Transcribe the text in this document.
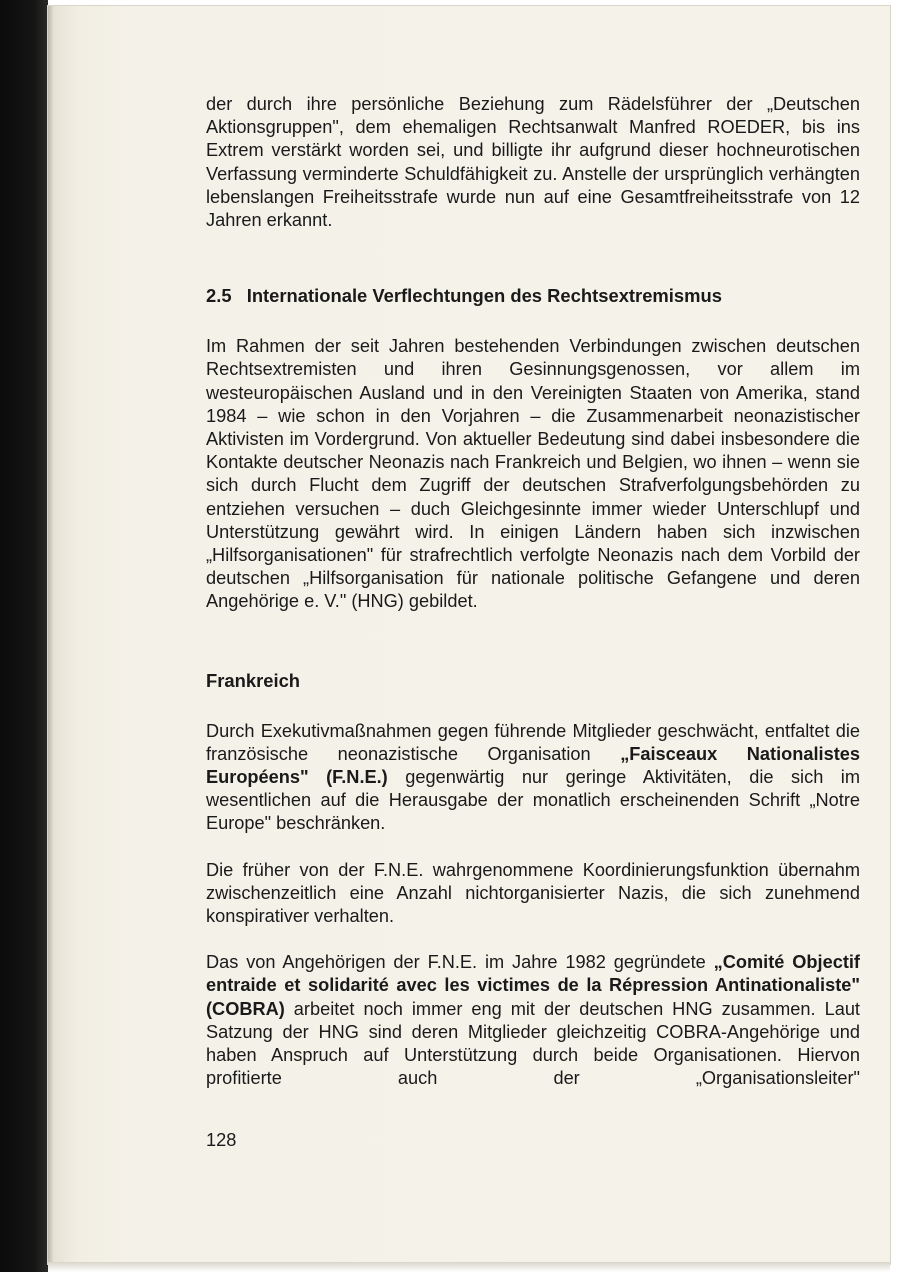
der durch ihre persönliche Beziehung zum Rädelsführer der „Deutschen Aktionsgruppen", dem ehemaligen Rechtsanwalt Manfred ROEDER, bis ins Extrem verstärkt worden sei, und billigte ihr aufgrund dieser hochneurotischen Verfassung verminderte Schuldfähigkeit zu. Anstelle der ursprünglich verhängten lebenslangen Freiheitsstrafe wurde nun auf eine Gesamtfreiheitsstrafe von 12 Jahren erkannt.

2.5 Internationale Verflechtungen des Rechtsextremismus

Im Rahmen der seit Jahren bestehenden Verbindungen zwischen deutschen Rechtsextremisten und ihren Gesinnungsgenossen, vor allem im westeuropäischen Ausland und in den Vereinigten Staaten von Amerika, stand 1984 – wie schon in den Vorjahren – die Zusammenarbeit neonazistischer Aktivisten im Vordergrund. Von aktueller Bedeutung sind dabei insbesondere die Kontakte deutscher Neonazis nach Frankreich und Belgien, wo ihnen – wenn sie sich durch Flucht dem Zugriff der deutschen Strafverfolgungsbehörden zu entziehen versuchen – duch Gleichgesinnte immer wieder Unterschlupf und Unterstützung gewährt wird. In einigen Ländern haben sich inzwischen „Hilfsorganisationen" für strafrechtlich verfolgte Neonazis nach dem Vorbild der deutschen „Hilfsorganisation für nationale politische Gefangene und deren Angehörige e. V." (HNG) gebildet.

Frankreich

Durch Exekutivmaßnahmen gegen führende Mitglieder geschwächt, entfaltet die französische neonazistische Organisation „Faisceaux Nationalistes Européens" (F.N.E.) gegenwärtig nur geringe Aktivitäten, die sich im wesentlichen auf die Herausgabe der monatlich erscheinenden Schrift „Notre Europe" beschränken.

Die früher von der F.N.E. wahrgenommene Koordinierungsfunktion übernahm zwischenzeitlich eine Anzahl nichtorganisierter Nazis, die sich zunehmend konspirativer verhalten.

Das von Angehörigen der F.N.E. im Jahre 1982 gegründete „Comité Objectif entraide et solidarité avec les victimes de la Répression Antinationaliste" (COBRA) arbeitet noch immer eng mit der deutschen HNG zusammen. Laut Satzung der HNG sind deren Mitglieder gleichzeitig COBRA-Angehörige und haben Anspruch auf Unterstützung durch beide Organisationen. Hiervon profitierte auch der „Organisationsleiter"

128
